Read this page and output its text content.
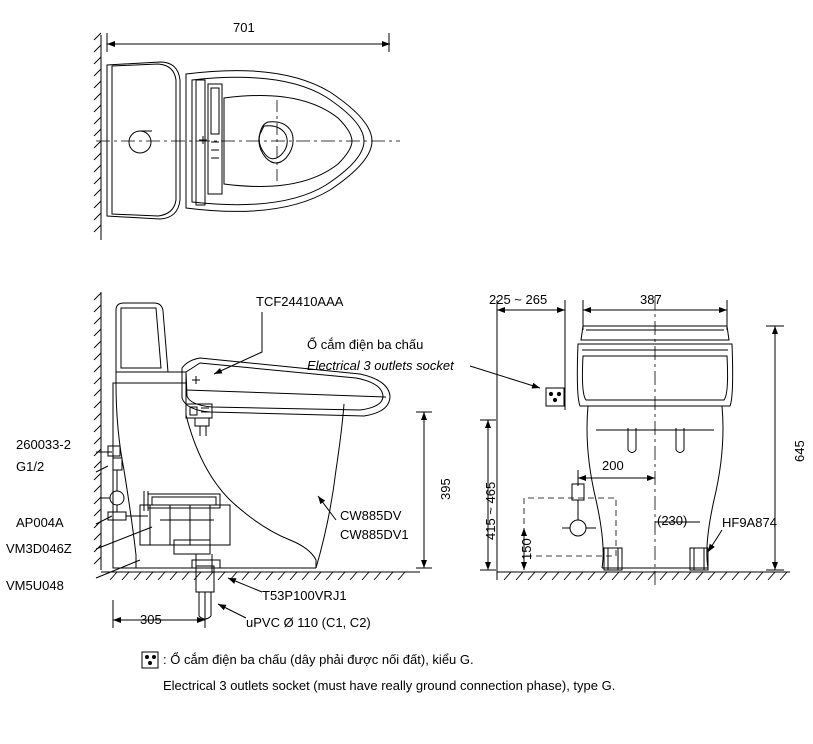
701
TCF24410AAA
Ổ cắm điện ba chấu
Electrical 3 outlets socket
260033-2
G1/2
AP004A
VM3D046Z
VM5U048
CW885DV
CW885DV1
395
305
T53P100VRJ1
uPVC Ø 110 (C1, C2)
225 ~ 265	387
645
415 ~ 465
200
150
(230)	HF9A874
: Ổ cắm điện ba chấu (dây phải được nối đất), kiểu G.
Electrical 3 outlets socket (must have really ground connection phase), type G.
